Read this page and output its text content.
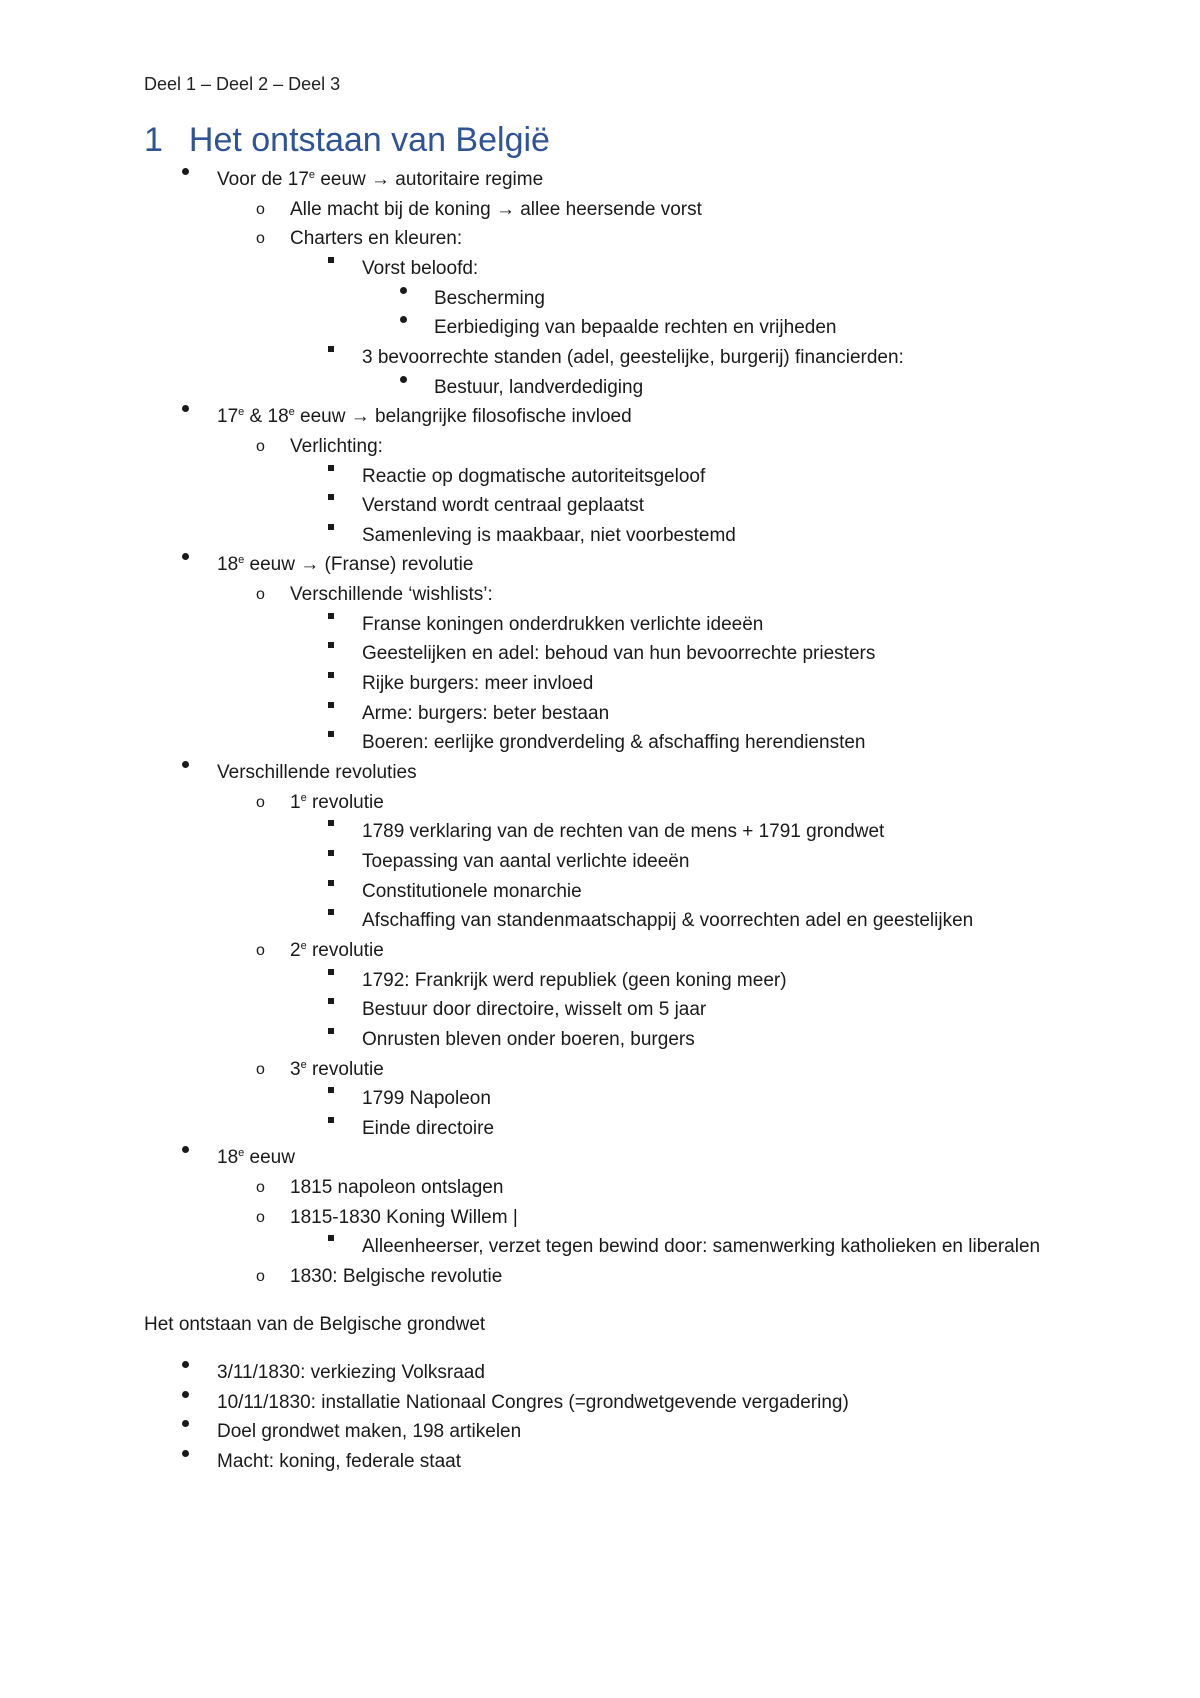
Deel 1 – Deel 2 – Deel 3
1 Het ontstaan van België
Voor de 17e eeuw → autoritaire regime
o Alle macht bij de koning → allee heersende vorst
o Charters en kleuren:
Vorst beloofd:
Bescherming
Eerbiediging van bepaalde rechten en vrijheden
3 bevoorrechte standen (adel, geestelijke, burgerij) financierden:
Bestuur, landverdediging
17e & 18e eeuw → belangrijke filosofische invloed
o Verlichting:
Reactie op dogmatische autoriteitsgeloof
Verstand wordt centraal geplaatst
Samenleving is maakbaar, niet voorbestemd
18e eeuw → (Franse) revolutie
o Verschillende ‘wishlists’:
Franse koningen onderdrukken verlichte ideeën
Geestelijken en adel: behoud van hun bevoorrechte priesters
Rijke burgers: meer invloed
Arme: burgers: beter bestaan
Boeren: eerlijke grondverdeling & afschaffing herendiensten
Verschillende revoluties
o 1e revolutie
1789 verklaring van de rechten van de mens + 1791 grondwet
Toepassing van aantal verlichte ideeën
Constitutionele monarchie
Afschaffing van standenmaatschappij & voorrechten adel en geestelijken
o 2e revolutie
1792: Frankrijk werd republiek (geen koning meer)
Bestuur door directoire, wisselt om 5 jaar
Onrusten bleven onder boeren, burgers
o 3e revolutie
1799 Napoleon
Einde directoire
18e eeuw
o 1815 napoleon ontslagen
o 1815-1830 Koning Willem |
Alleenheerser, verzet tegen bewind door: samenwerking katholieken en liberalen
o 1830: Belgische revolutie
Het ontstaan van de Belgische grondwet
3/11/1830: verkiezing Volksraad
10/11/1830: installatie Nationaal Congres (=grondwetgevende vergadering)
Doel grondwet maken, 198 artikelen
Macht: koning, federale staat
